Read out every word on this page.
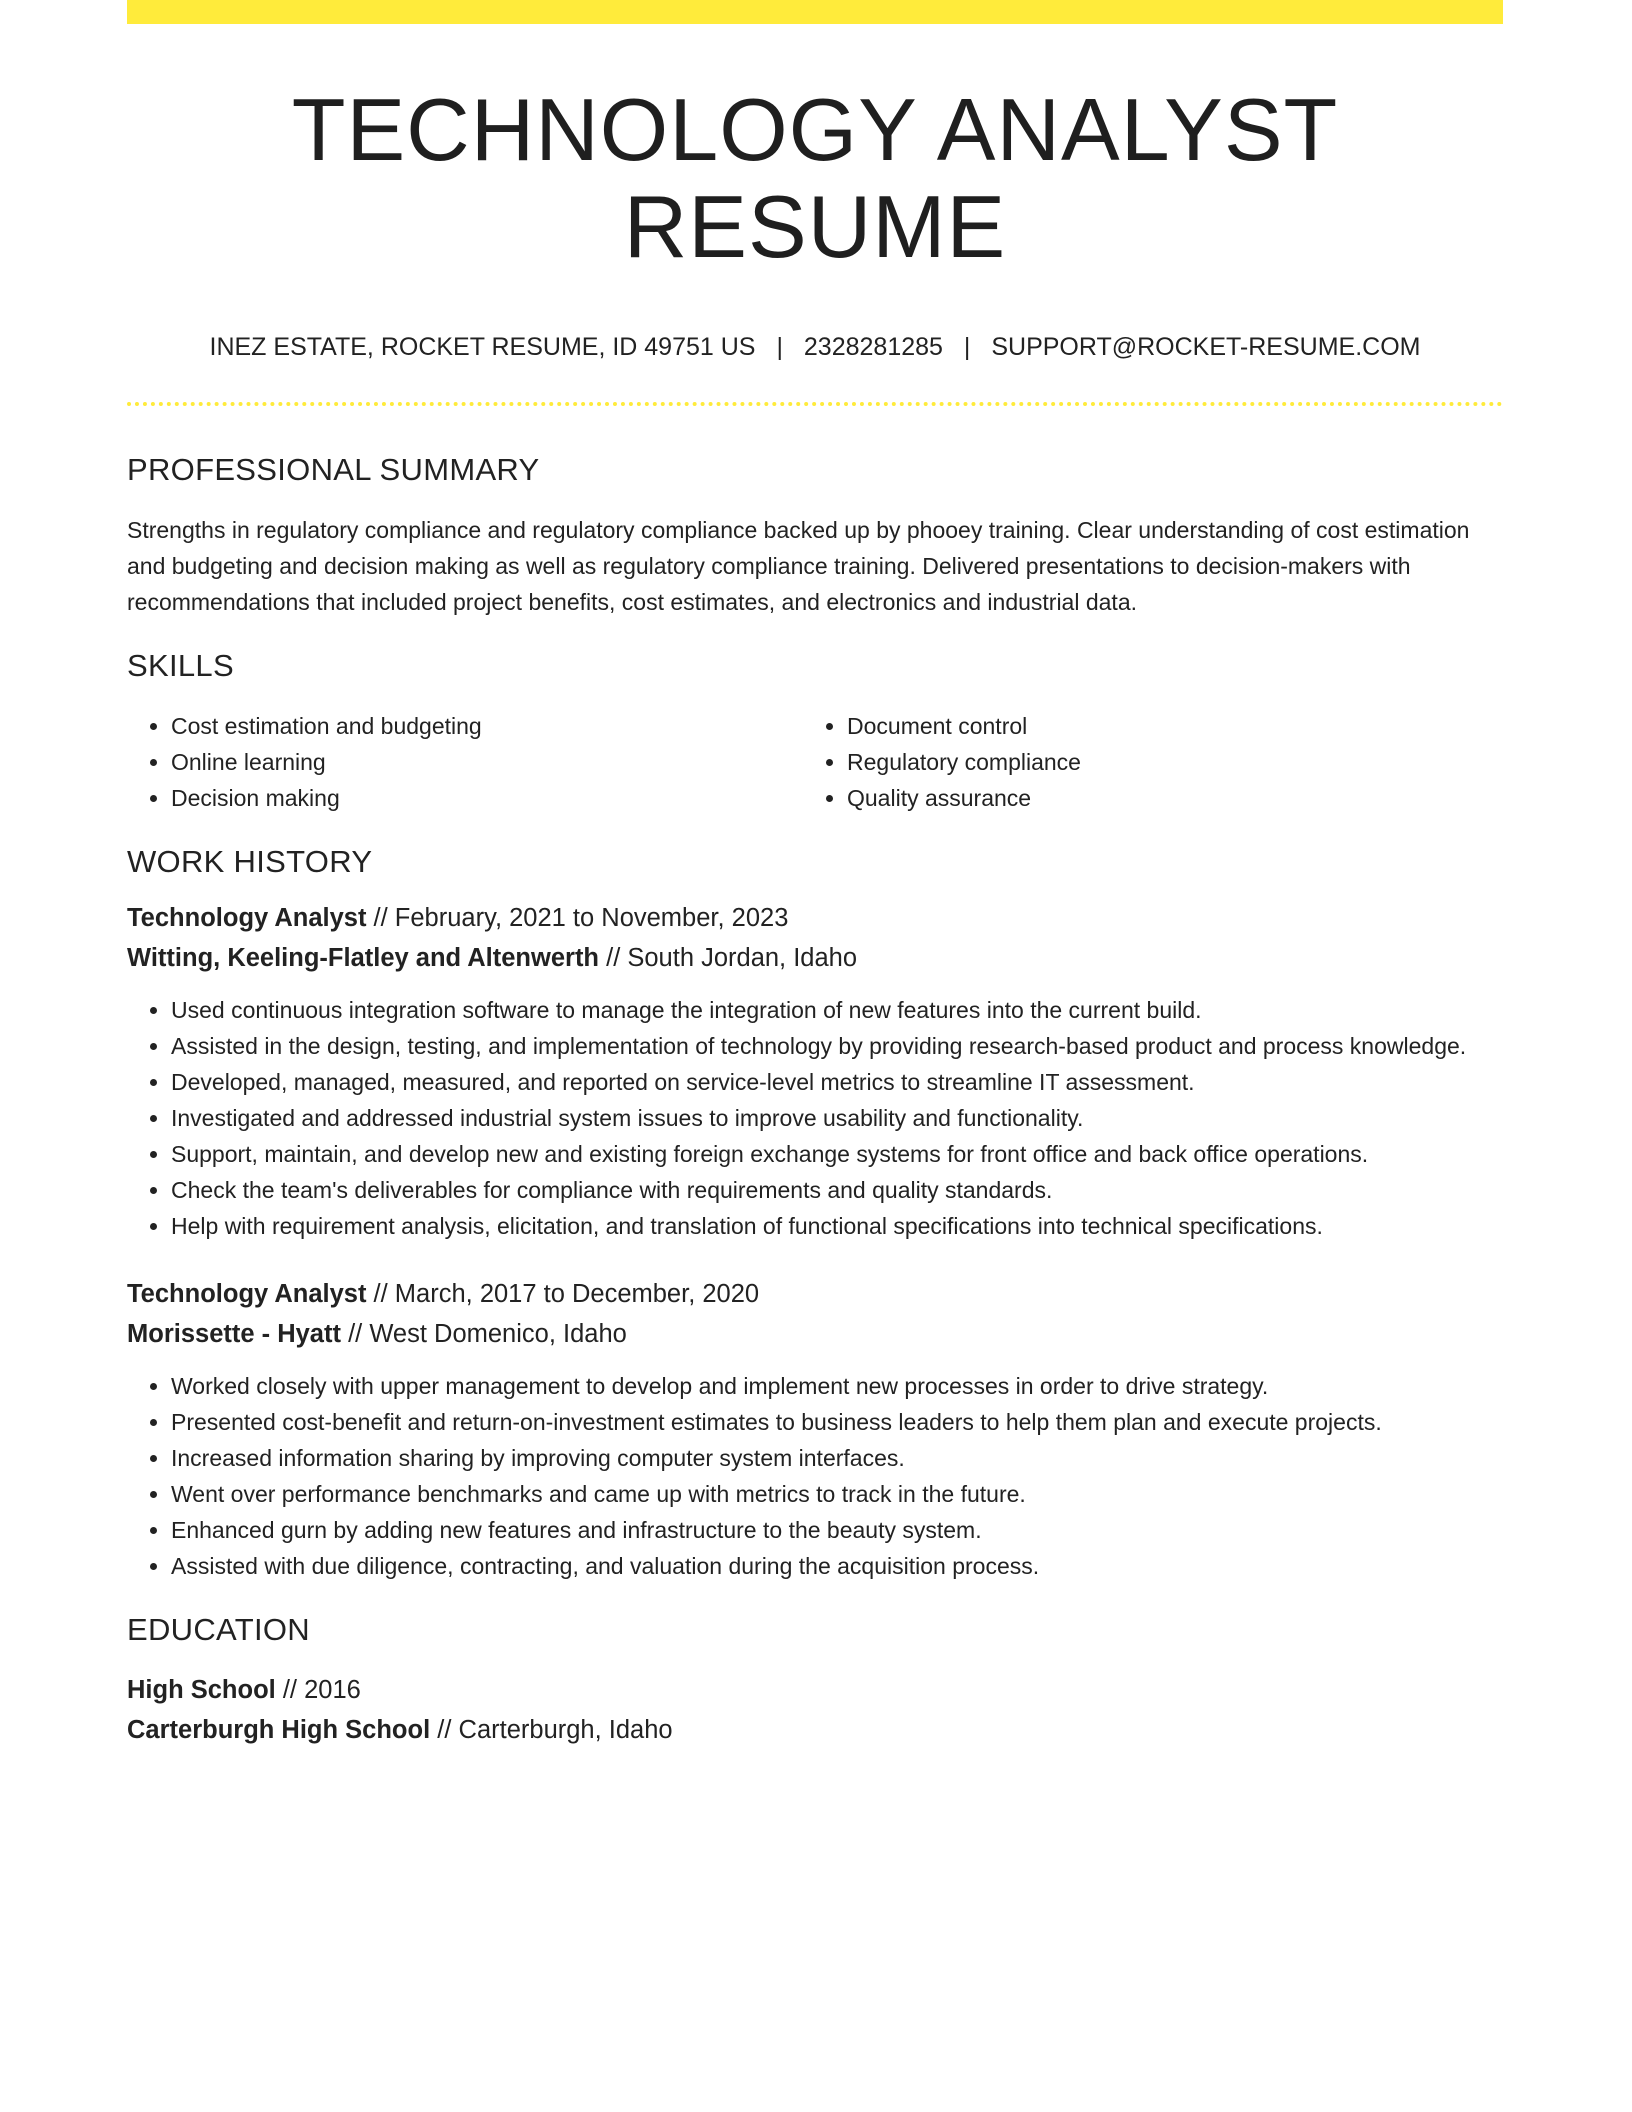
TECHNOLOGY ANALYST RESUME
INEZ ESTATE, ROCKET RESUME, ID 49751 US | 2328281285 | SUPPORT@ROCKET-RESUME.COM
PROFESSIONAL SUMMARY

Strengths in regulatory compliance and regulatory compliance backed up by phooey training. Clear understanding of cost estimation and budgeting and decision making as well as regulatory compliance training. Delivered presentations to decision-makers with recommendations that included project benefits, cost estimates, and electronics and industrial data.

SKILLS
• Cost estimation and budgeting
• Online learning
• Decision making
• Document control
• Regulatory compliance
• Quality assurance
WORK HISTORY
Technology Analyst // February, 2021 to November, 2023
Witting, Keeling-Flatley and Altenwerth // South Jordan, Idaho
• Used continuous integration software to manage the integration of new features into the current build.
• Assisted in the design, testing, and implementation of technology by providing research-based product and process knowledge.
• Developed, managed, measured, and reported on service-level metrics to streamline IT assessment.
• Investigated and addressed industrial system issues to improve usability and functionality.
• Support, maintain, and develop new and existing foreign exchange systems for front office and back office operations.
• Check the team's deliverables for compliance with requirements and quality standards.
• Help with requirement analysis, elicitation, and translation of functional specifications into technical specifications.
Technology Analyst // March, 2017 to December, 2020
Morissette - Hyatt // West Domenico, Idaho
• Worked closely with upper management to develop and implement new processes in order to drive strategy.
• Presented cost-benefit and return-on-investment estimates to business leaders to help them plan and execute projects.
• Increased information sharing by improving computer system interfaces.
• Went over performance benchmarks and came up with metrics to track in the future.
• Enhanced gurn by adding new features and infrastructure to the beauty system.
• Assisted with due diligence, contracting, and valuation during the acquisition process.
EDUCATION
High School // 2016
Carterburgh High School // Carterburgh, Idaho
